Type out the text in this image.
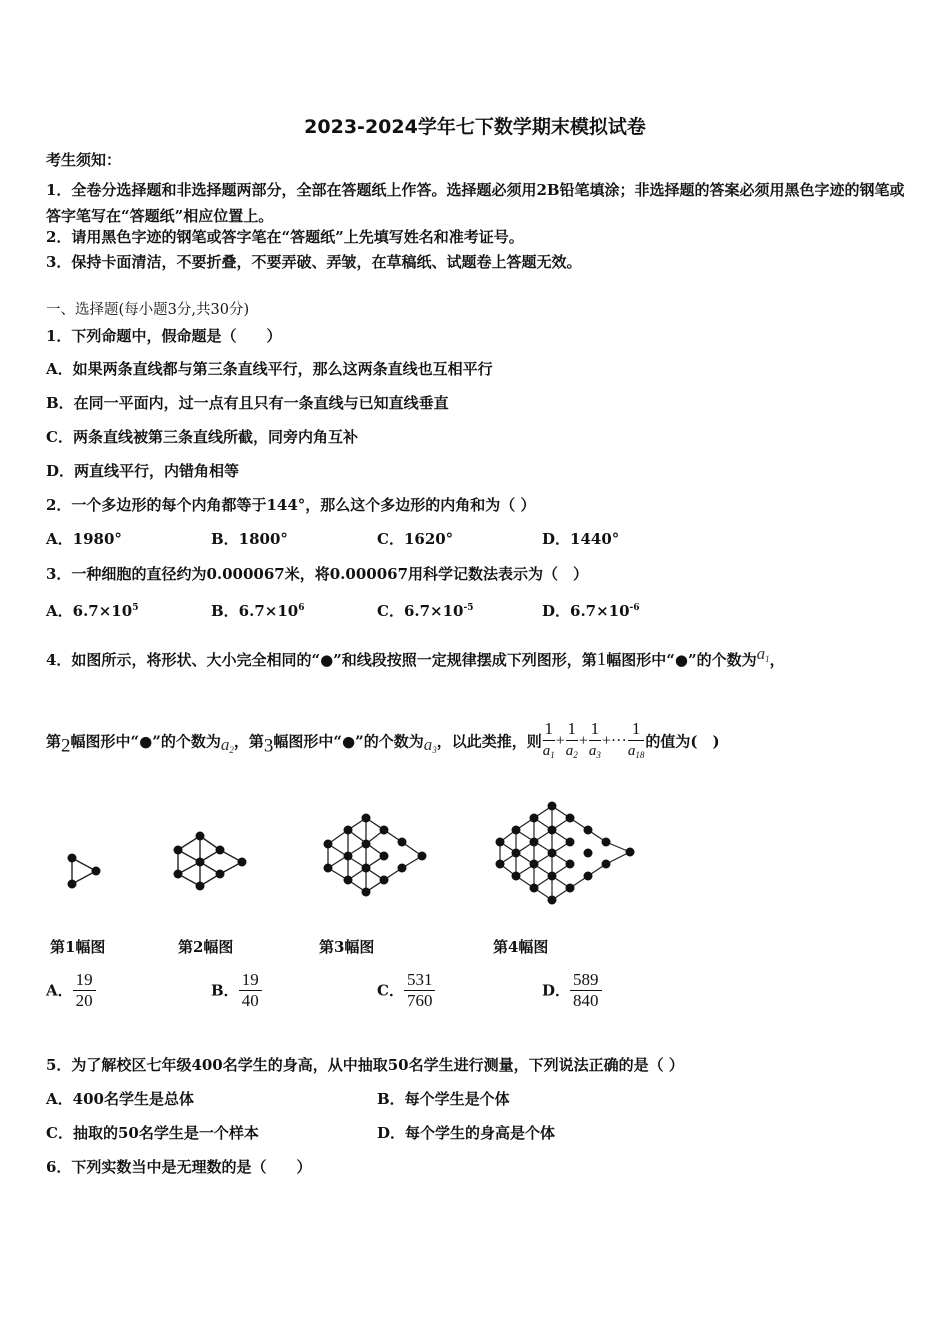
2023-2024学年七下数学期末模拟试卷
考生须知：
1．全卷分选择题和非选择题两部分，全部在答题纸上作答。选择题必须用2B铅笔填涂；非选择题的答案必须用黑色字迹的钢笔或答字笔写在“答题纸”相应位置上。
2．请用黑色字迹的钢笔或答字笔在“答题纸”上先填写姓名和准考证号。
3．保持卡面清洁，不要折叠，不要弄破、弄皱，在草稿纸、试题卷上答题无效。
一、选择题(每小题3分,共30分)
1．下列命题中，假命题是（　　）
A．如果两条直线都与第三条直线平行，那么这两条直线也互相平行
B．在同一平面内，过一点有且只有一条直线与已知直线垂直
C．两条直线被第三条直线所截，同旁内角互补
D．两直线平行，内错角相等
2．一个多边形的每个内角都等于144°，那么这个多边形的内角和为（ ）
A．1980°	B．1800°	C．1620°	D．1440°
3．一种细胞的直径约为0.000067米，将0.000067用科学记数法表示为（　）
A．$6.7\times 10^5$	B．$6.7\times 10^6$	C．$6.7\times 10^{-5}$	D．$6.7\times 10^{-6}$
4．如图所示，将形状、大小完全相同的“●”和线段按照一定规律摆成下列图形，第1幅图形中“●”的个数为$a_1$，
第2幅图形中“●”的个数为$a_2$，第3幅图形中“●”的个数为$a_3$，以此类推，则 $\frac{1}{a_1} + \frac{1}{a_2} + \frac{1}{a_3}$ +··· $\frac{1}{a_{18}}$ 的值为(　)
第1幅图	第2幅图	第3幅图	第4幅图
A． $\frac{19}{20}$	B． $\frac{19}{40}$	C． $\frac{531}{760}$	D． $\frac{589}{840}$
5．为了解校区七年级400名学生的身高，从中抽取50名学生进行测量，下列说法正确的是（ ）
A．400名学生是总体	B．每个学生是个体
C．抽取的50名学生是一个样本	D．每个学生的身高是个体
6．下列实数当中是无理数的是（　　）
